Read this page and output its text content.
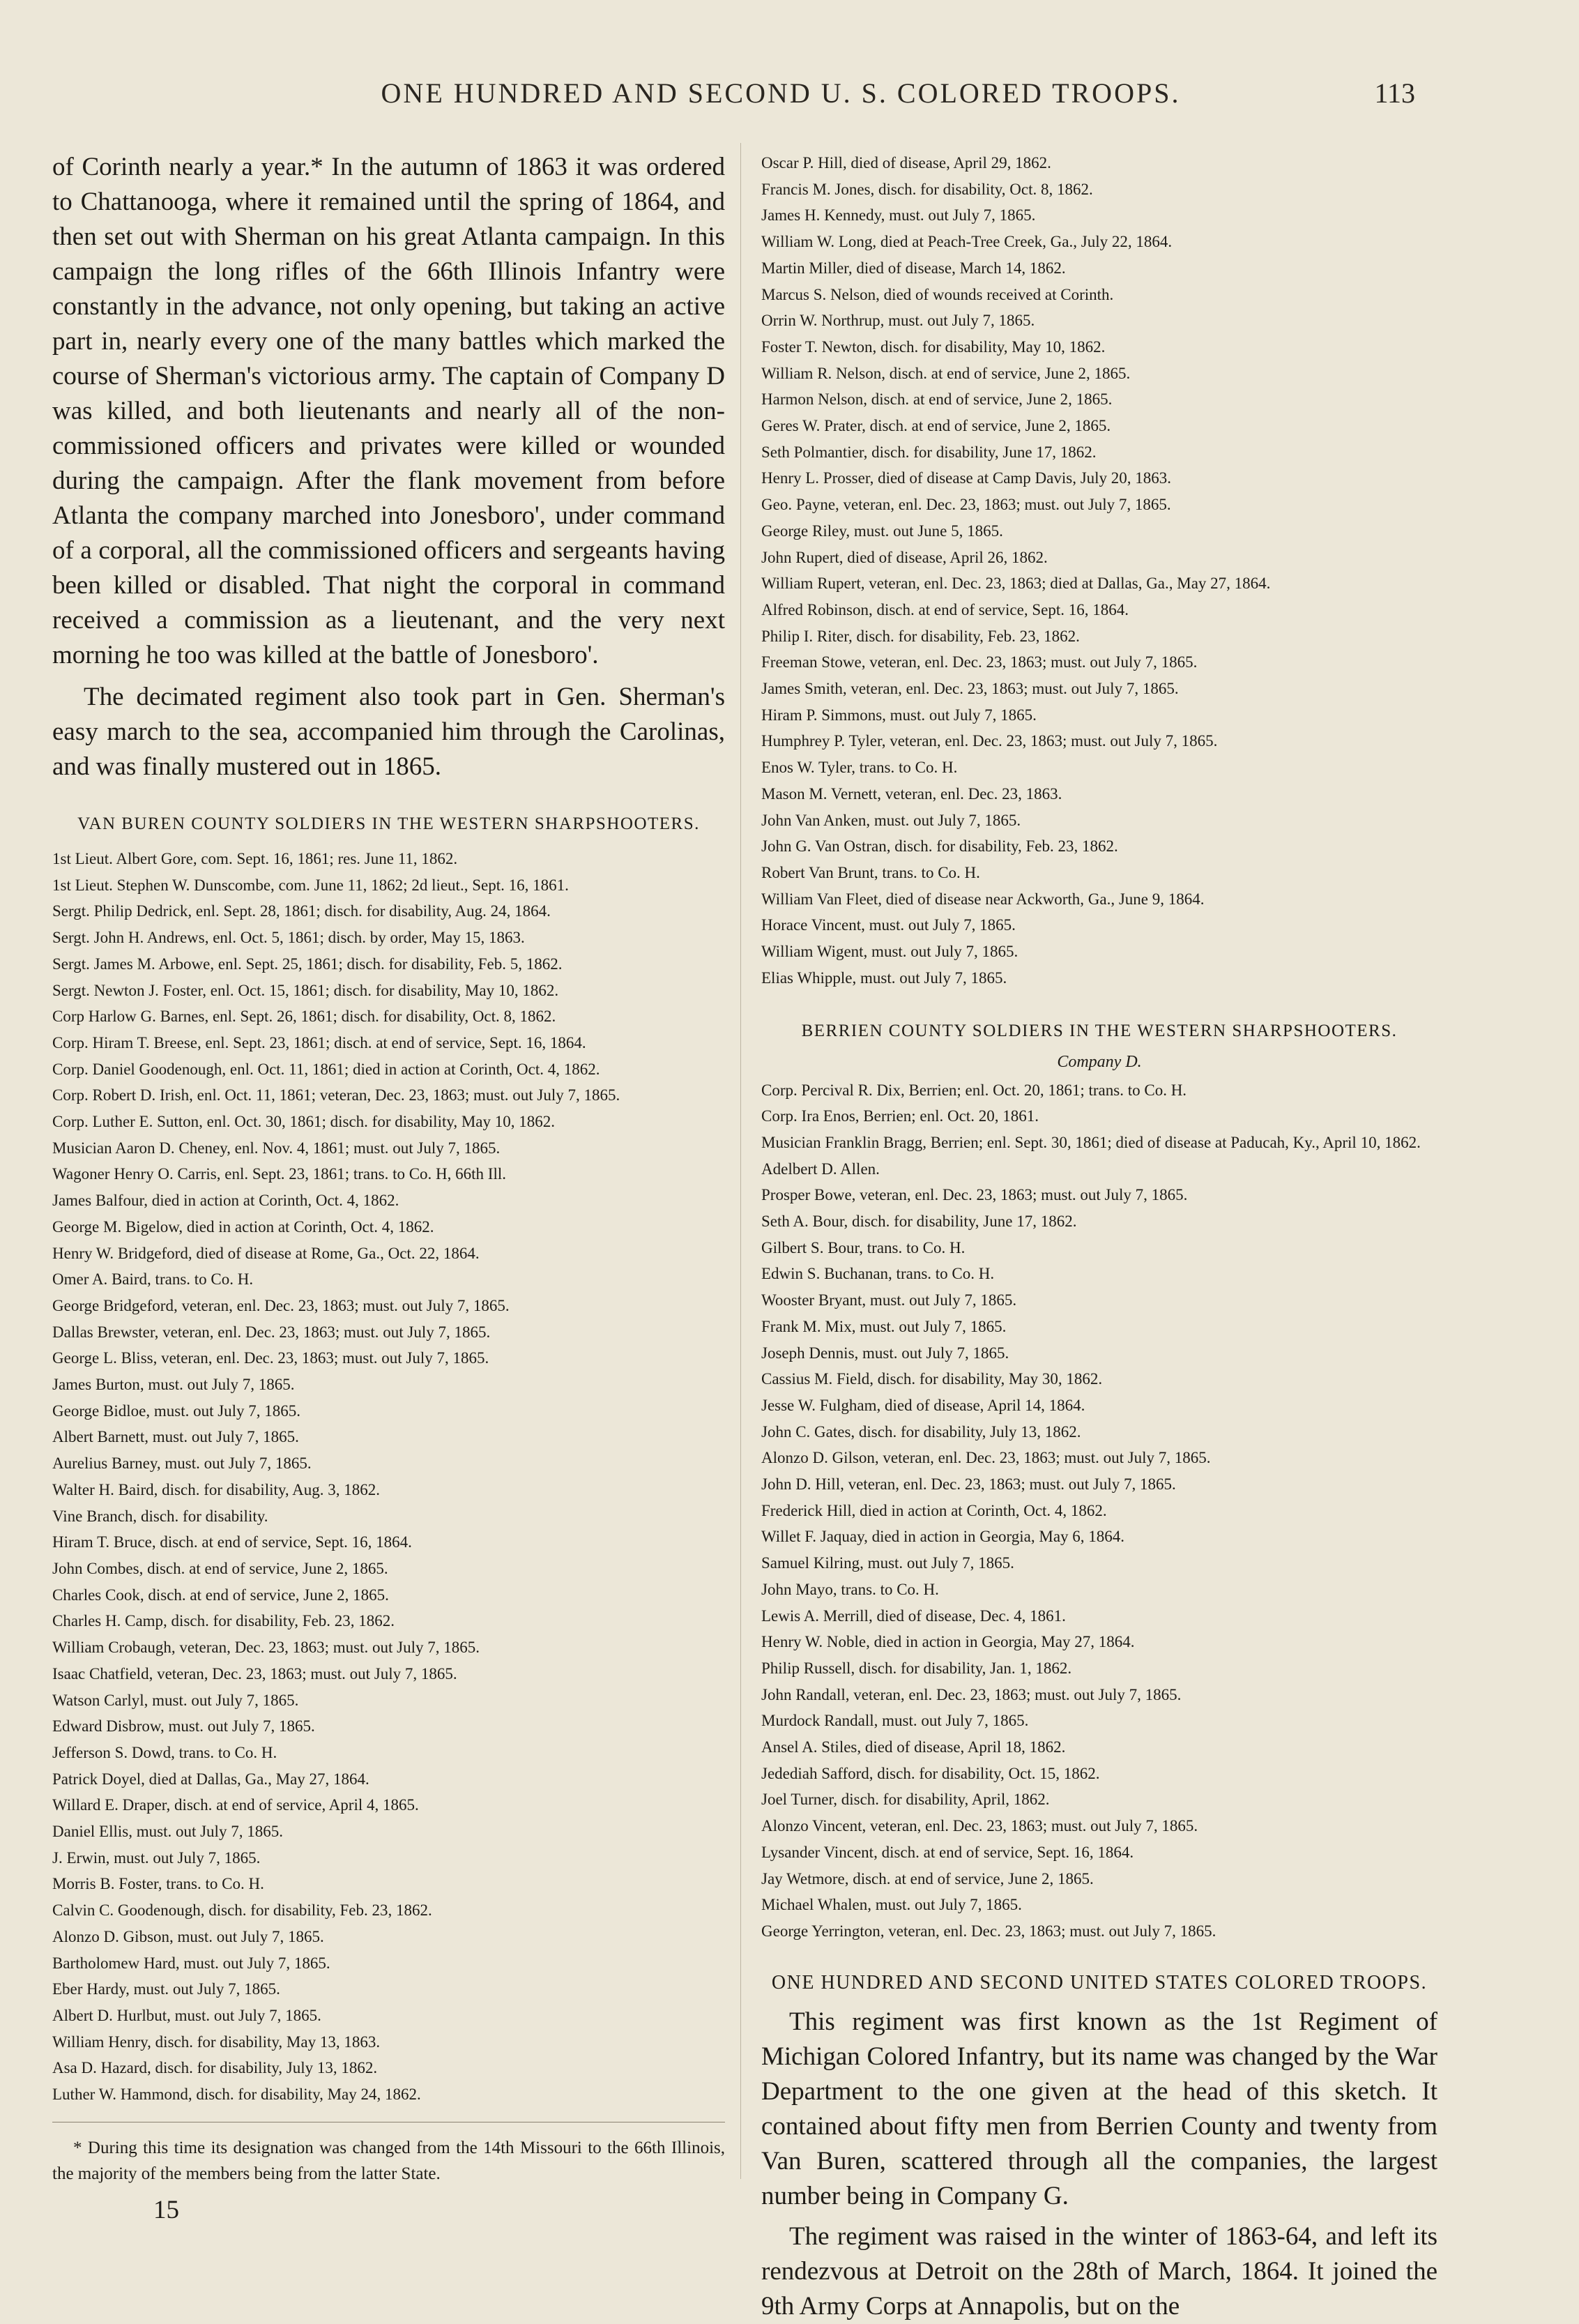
ONE HUNDRED AND SECOND U. S. COLORED TROOPS.	113

of Corinth nearly a year.* In the autumn of 1863 it was ordered to Chattanooga, where it remained until the spring of 1864, and then set out with Sherman on his great Atlanta campaign. In this campaign the long rifles of the 66th Illinois Infantry were constantly in the advance, not only opening, but taking an active part in, nearly every one of the many battles which marked the course of Sherman's victorious army. The captain of Company D was killed, and both lieutenants and nearly all of the non-commissioned officers and privates were killed or wounded during the campaign. After the flank movement from before Atlanta the company marched into Jonesboro', under command of a corporal, all the commissioned officers and sergeants having been killed or disabled. That night the corporal in command received a commission as a lieutenant, and the very next morning he too was killed at the battle of Jonesboro'.

The decimated regiment also took part in Gen. Sherman's easy march to the sea, accompanied him through the Carolinas, and was finally mustered out in 1865.

VAN BUREN COUNTY SOLDIERS IN THE WESTERN SHARPSHOOTERS.
1st Lieut. Albert Gore, com. Sept. 16, 1861; res. June 11, 1862.
1st Lieut. Stephen W. Dunscombe, com. June 11, 1862; 2d lieut., Sept. 16, 1861.
Sergt. Philip Dedrick, enl. Sept. 28, 1861; disch. for disability, Aug. 24, 1864.
Sergt. John H. Andrews, enl. Oct. 5, 1861; disch. by order, May 15, 1863.
Sergt. James M. Arbowe, enl. Sept. 25, 1861; disch. for disability, Feb. 5, 1862.
Sergt. Newton J. Foster, enl. Oct. 15, 1861; disch. for disability, May 10, 1862.
Corp Harlow G. Barnes, enl. Sept. 26, 1861; disch. for disability, Oct. 8, 1862.
Corp. Hiram T. Breese, enl. Sept. 23, 1861; disch. at end of service, Sept. 16, 1864.
Corp. Daniel Goodenough, enl. Oct. 11, 1861; died in action at Corinth, Oct. 4, 1862.
Corp. Robert D. Irish, enl. Oct. 11, 1861; veteran, Dec. 23, 1863; must. out July 7, 1865.
Corp. Luther E. Sutton, enl. Oct. 30, 1861; disch. for disability, May 10, 1862.
Musician Aaron D. Cheney, enl. Nov. 4, 1861; must. out July 7, 1865.
Wagoner Henry O. Carris, enl. Sept. 23, 1861; trans. to Co. H, 66th Ill.
James Balfour, died in action at Corinth, Oct. 4, 1862.
George M. Bigelow, died in action at Corinth, Oct. 4, 1862.
Henry W. Bridgeford, died of disease at Rome, Ga., Oct. 22, 1864.
Omer A. Baird, trans. to Co. H.
George Bridgeford, veteran, enl. Dec. 23, 1863; must. out July 7, 1865.
Dallas Brewster, veteran, enl. Dec. 23, 1863; must. out July 7, 1865.
George L. Bliss, veteran, enl. Dec. 23, 1863; must. out July 7, 1865.
James Burton, must. out July 7, 1865.
George Bidloe, must. out July 7, 1865.
Albert Barnett, must. out July 7, 1865.
Aurelius Barney, must. out July 7, 1865.
Walter H. Baird, disch. for disability, Aug. 3, 1862.
Vine Branch, disch. for disability.
Hiram T. Bruce, disch. at end of service, Sept. 16, 1864.
John Combes, disch. at end of service, June 2, 1865.
Charles Cook, disch. at end of service, June 2, 1865.
Charles H. Camp, disch. for disability, Feb. 23, 1862.
William Crobaugh, veteran, Dec. 23, 1863; must. out July 7, 1865.
Isaac Chatfield, veteran, Dec. 23, 1863; must. out July 7, 1865.
Watson Carlyl, must. out July 7, 1865.
Edward Disbrow, must. out July 7, 1865.
Jefferson S. Dowd, trans. to Co. H.
Patrick Doyel, died at Dallas, Ga., May 27, 1864.
Willard E. Draper, disch. at end of service, April 4, 1865.
Daniel Ellis, must. out July 7, 1865.
J. Erwin, must. out July 7, 1865.
Morris B. Foster, trans. to Co. H.
Calvin C. Goodenough, disch. for disability, Feb. 23, 1862.
Alonzo D. Gibson, must. out July 7, 1865.
Bartholomew Hard, must. out July 7, 1865.
Eber Hardy, must. out July 7, 1865.
Albert D. Hurlbut, must. out July 7, 1865.
William Henry, disch. for disability, May 13, 1863.
Asa D. Hazard, disch. for disability, July 13, 1862.
Luther W. Hammond, disch. for disability, May 24, 1862.

* During this time its designation was changed from the 14th Missouri to the 66th Illinois, the majority of the members being from the latter State.

15
Oscar P. Hill, died of disease, April 29, 1862.
Francis M. Jones, disch. for disability, Oct. 8, 1862.
James H. Kennedy, must. out July 7, 1865.
William W. Long, died at Peach-Tree Creek, Ga., July 22, 1864.
Martin Miller, died of disease, March 14, 1862.
Marcus S. Nelson, died of wounds received at Corinth.
Orrin W. Northrup, must. out July 7, 1865.
Foster T. Newton, disch. for disability, May 10, 1862.
William R. Nelson, disch. at end of service, June 2, 1865.
Harmon Nelson, disch. at end of service, June 2, 1865.
Geres W. Prater, disch. at end of service, June 2, 1865.
Seth Polmantier, disch. for disability, June 17, 1862.
Henry L. Prosser, died of disease at Camp Davis, July 20, 1863.
Geo. Payne, veteran, enl. Dec. 23, 1863; must. out July 7, 1865.
George Riley, must. out June 5, 1865.
John Rupert, died of disease, April 26, 1862.
William Rupert, veteran, enl. Dec. 23, 1863; died at Dallas, Ga., May 27, 1864.
Alfred Robinson, disch. at end of service, Sept. 16, 1864.
Philip I. Riter, disch. for disability, Feb. 23, 1862.
Freeman Stowe, veteran, enl. Dec. 23, 1863; must. out July 7, 1865.
James Smith, veteran, enl. Dec. 23, 1863; must. out July 7, 1865.
Hiram P. Simmons, must. out July 7, 1865.
Humphrey P. Tyler, veteran, enl. Dec. 23, 1863; must. out July 7, 1865.
Enos W. Tyler, trans. to Co. H.
Mason M. Vernett, veteran, enl. Dec. 23, 1863.
John Van Anken, must. out July 7, 1865.
John G. Van Ostran, disch. for disability, Feb. 23, 1862.
Robert Van Brunt, trans. to Co. H.
William Van Fleet, died of disease near Ackworth, Ga., June 9, 1864.
Horace Vincent, must. out July 7, 1865.
William Wigent, must. out July 7, 1865.
Elias Whipple, must. out July 7, 1865.
BERRIEN COUNTY SOLDIERS IN THE WESTERN SHARPSHOOTERS.
Company D.
Corp. Percival R. Dix, Berrien; enl. Oct. 20, 1861; trans. to Co. H.
Corp. Ira Enos, Berrien; enl. Oct. 20, 1861.
Musician Franklin Bragg, Berrien; enl. Sept. 30, 1861; died of disease at Paducah, Ky., April 10, 1862.
Adelbert D. Allen.
Prosper Bowe, veteran, enl. Dec. 23, 1863; must. out July 7, 1865.
Seth A. Bour, disch. for disability, June 17, 1862.
Gilbert S. Bour, trans. to Co. H.
Edwin S. Buchanan, trans. to Co. H.
Wooster Bryant, must. out July 7, 1865.
Frank M. Mix, must. out July 7, 1865.
Joseph Dennis, must. out July 7, 1865.
Cassius M. Field, disch. for disability, May 30, 1862.
Jesse W. Fulgham, died of disease, April 14, 1864.
John C. Gates, disch. for disability, July 13, 1862.
Alonzo D. Gilson, veteran, enl. Dec. 23, 1863; must. out July 7, 1865.
John D. Hill, veteran, enl. Dec. 23, 1863; must. out July 7, 1865.
Frederick Hill, died in action at Corinth, Oct. 4, 1862.
Willet F. Jaquay, died in action in Georgia, May 6, 1864.
Samuel Kilring, must. out July 7, 1865.
John Mayo, trans. to Co. H.
Lewis A. Merrill, died of disease, Dec. 4, 1861.
Henry W. Noble, died in action in Georgia, May 27, 1864.
Philip Russell, disch. for disability, Jan. 1, 1862.
John Randall, veteran, enl. Dec. 23, 1863; must. out July 7, 1865.
Murdock Randall, must. out July 7, 1865.
Ansel A. Stiles, died of disease, April 18, 1862.
Jedediah Safford, disch. for disability, Oct. 15, 1862.
Joel Turner, disch. for disability, April, 1862.
Alonzo Vincent, veteran, enl. Dec. 23, 1863; must. out July 7, 1865.
Lysander Vincent, disch. at end of service, Sept. 16, 1864.
Jay Wetmore, disch. at end of service, June 2, 1865.
Michael Whalen, must. out July 7, 1865.
George Yerrington, veteran, enl. Dec. 23, 1863; must. out July 7, 1865.
ONE HUNDRED AND SECOND UNITED STATES COLORED TROOPS.

This regiment was first known as the 1st Regiment of Michigan Colored Infantry, but its name was changed by the War Department to the one given at the head of this sketch. It contained about fifty men from Berrien County and twenty from Van Buren, scattered through all the companies, the largest number being in Company G.

The regiment was raised in the winter of 1863-64, and left its rendezvous at Detroit on the 28th of March, 1864. It joined the 9th Army Corps at Annapolis, but on the
